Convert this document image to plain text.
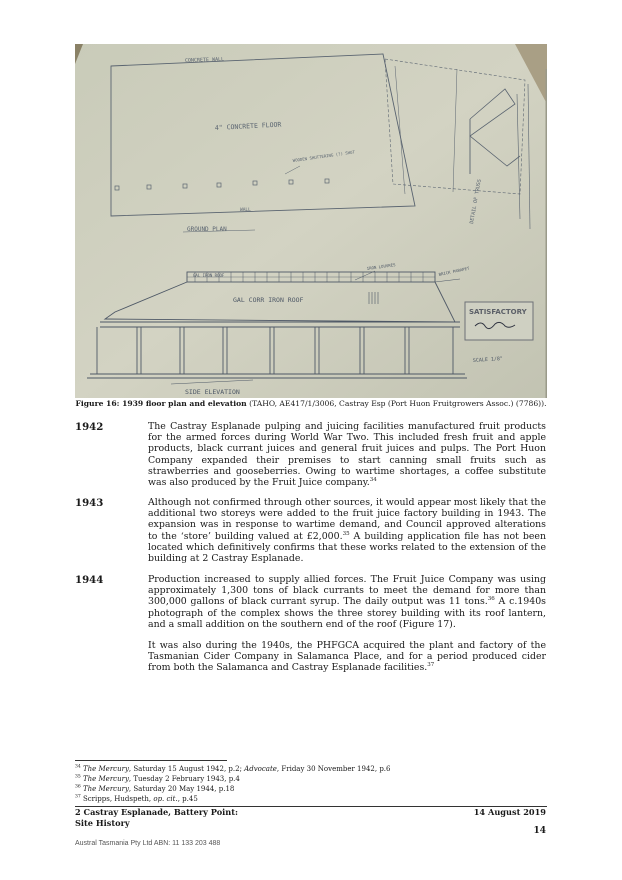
CONCRETE WALL
WALL
4" CONCRETE FLOOR
WOODEN SHUTTERING (?) SHUT
GROUND PLAN
DETAIL OF TRUSS
GAL IRON ROOF
IRON LOUVRES	BRICK PARAPET
GAL CORR IRON ROOF
SIDE ELEVATION
SCALE 1/8"
SATISFACTORY
Figure 16: 1939 floor plan and elevation (TAHO, AE417/1/3006, Castray Esp (Port Huon Fruitgrowers Assoc.) (7786)).
1942	The Castray Esplanade pulping and juicing facilities manufactured fruit products for the armed forces during World War Two. This included fresh fruit and apple products, black currant juices and general fruit juices and pulps. The Port Huon Company expanded their premises to start canning small fruits such as strawberries and gooseberries. Owing to wartime shortages, a coffee substitute was also produced by the Fruit Juice company.$^{34}$
1943	Although not confirmed through other sources, it would appear most likely that the additional two storeys were added to the fruit juice factory building in 1943. The expansion was in response to wartime demand, and Council approved alterations to the ‘store’ building valued at £2,000.35 A building application file has not been located which definitively confirms that these works related to the extension of the building at 2 Castray Esplanade.
1944	Production increased to supply allied forces. The Fruit Juice Company was using approximately 1,300 tons of black currants to meet the demand for more than 300,000 gallons of black currant syrup. The daily output was 11 tons.$^{36}$ A c.1940s photograph of the complex shows the three storey building with its roof lantern, and a small addition on the southern end of the roof (Figure 17).
It was also during the 1940s, the PHFGCA acquired the plant and factory of the Tasmanian Cider Company in Salamanca Place, and for a period produced cider from both the Salamanca and Castray Esplanade facilities.$^{37}$
$^{34}$ The Mercury, Saturday 15 August 1942, p.2; Advocate, Friday 30 November 1942, p.6
$^{35}$ The Mercury, Tuesday 2 February 1943, p.4
$^{36}$ The Mercury, Saturday 20 May 1944, p.18
$^{37}$ Scripps, Hudspeth, op. cit., p.45
2 Castray Esplanade, Battery Point:
Site History
14 August 2019
14
Austral Tasmania Pty Ltd ABN: 11 133 203 488
